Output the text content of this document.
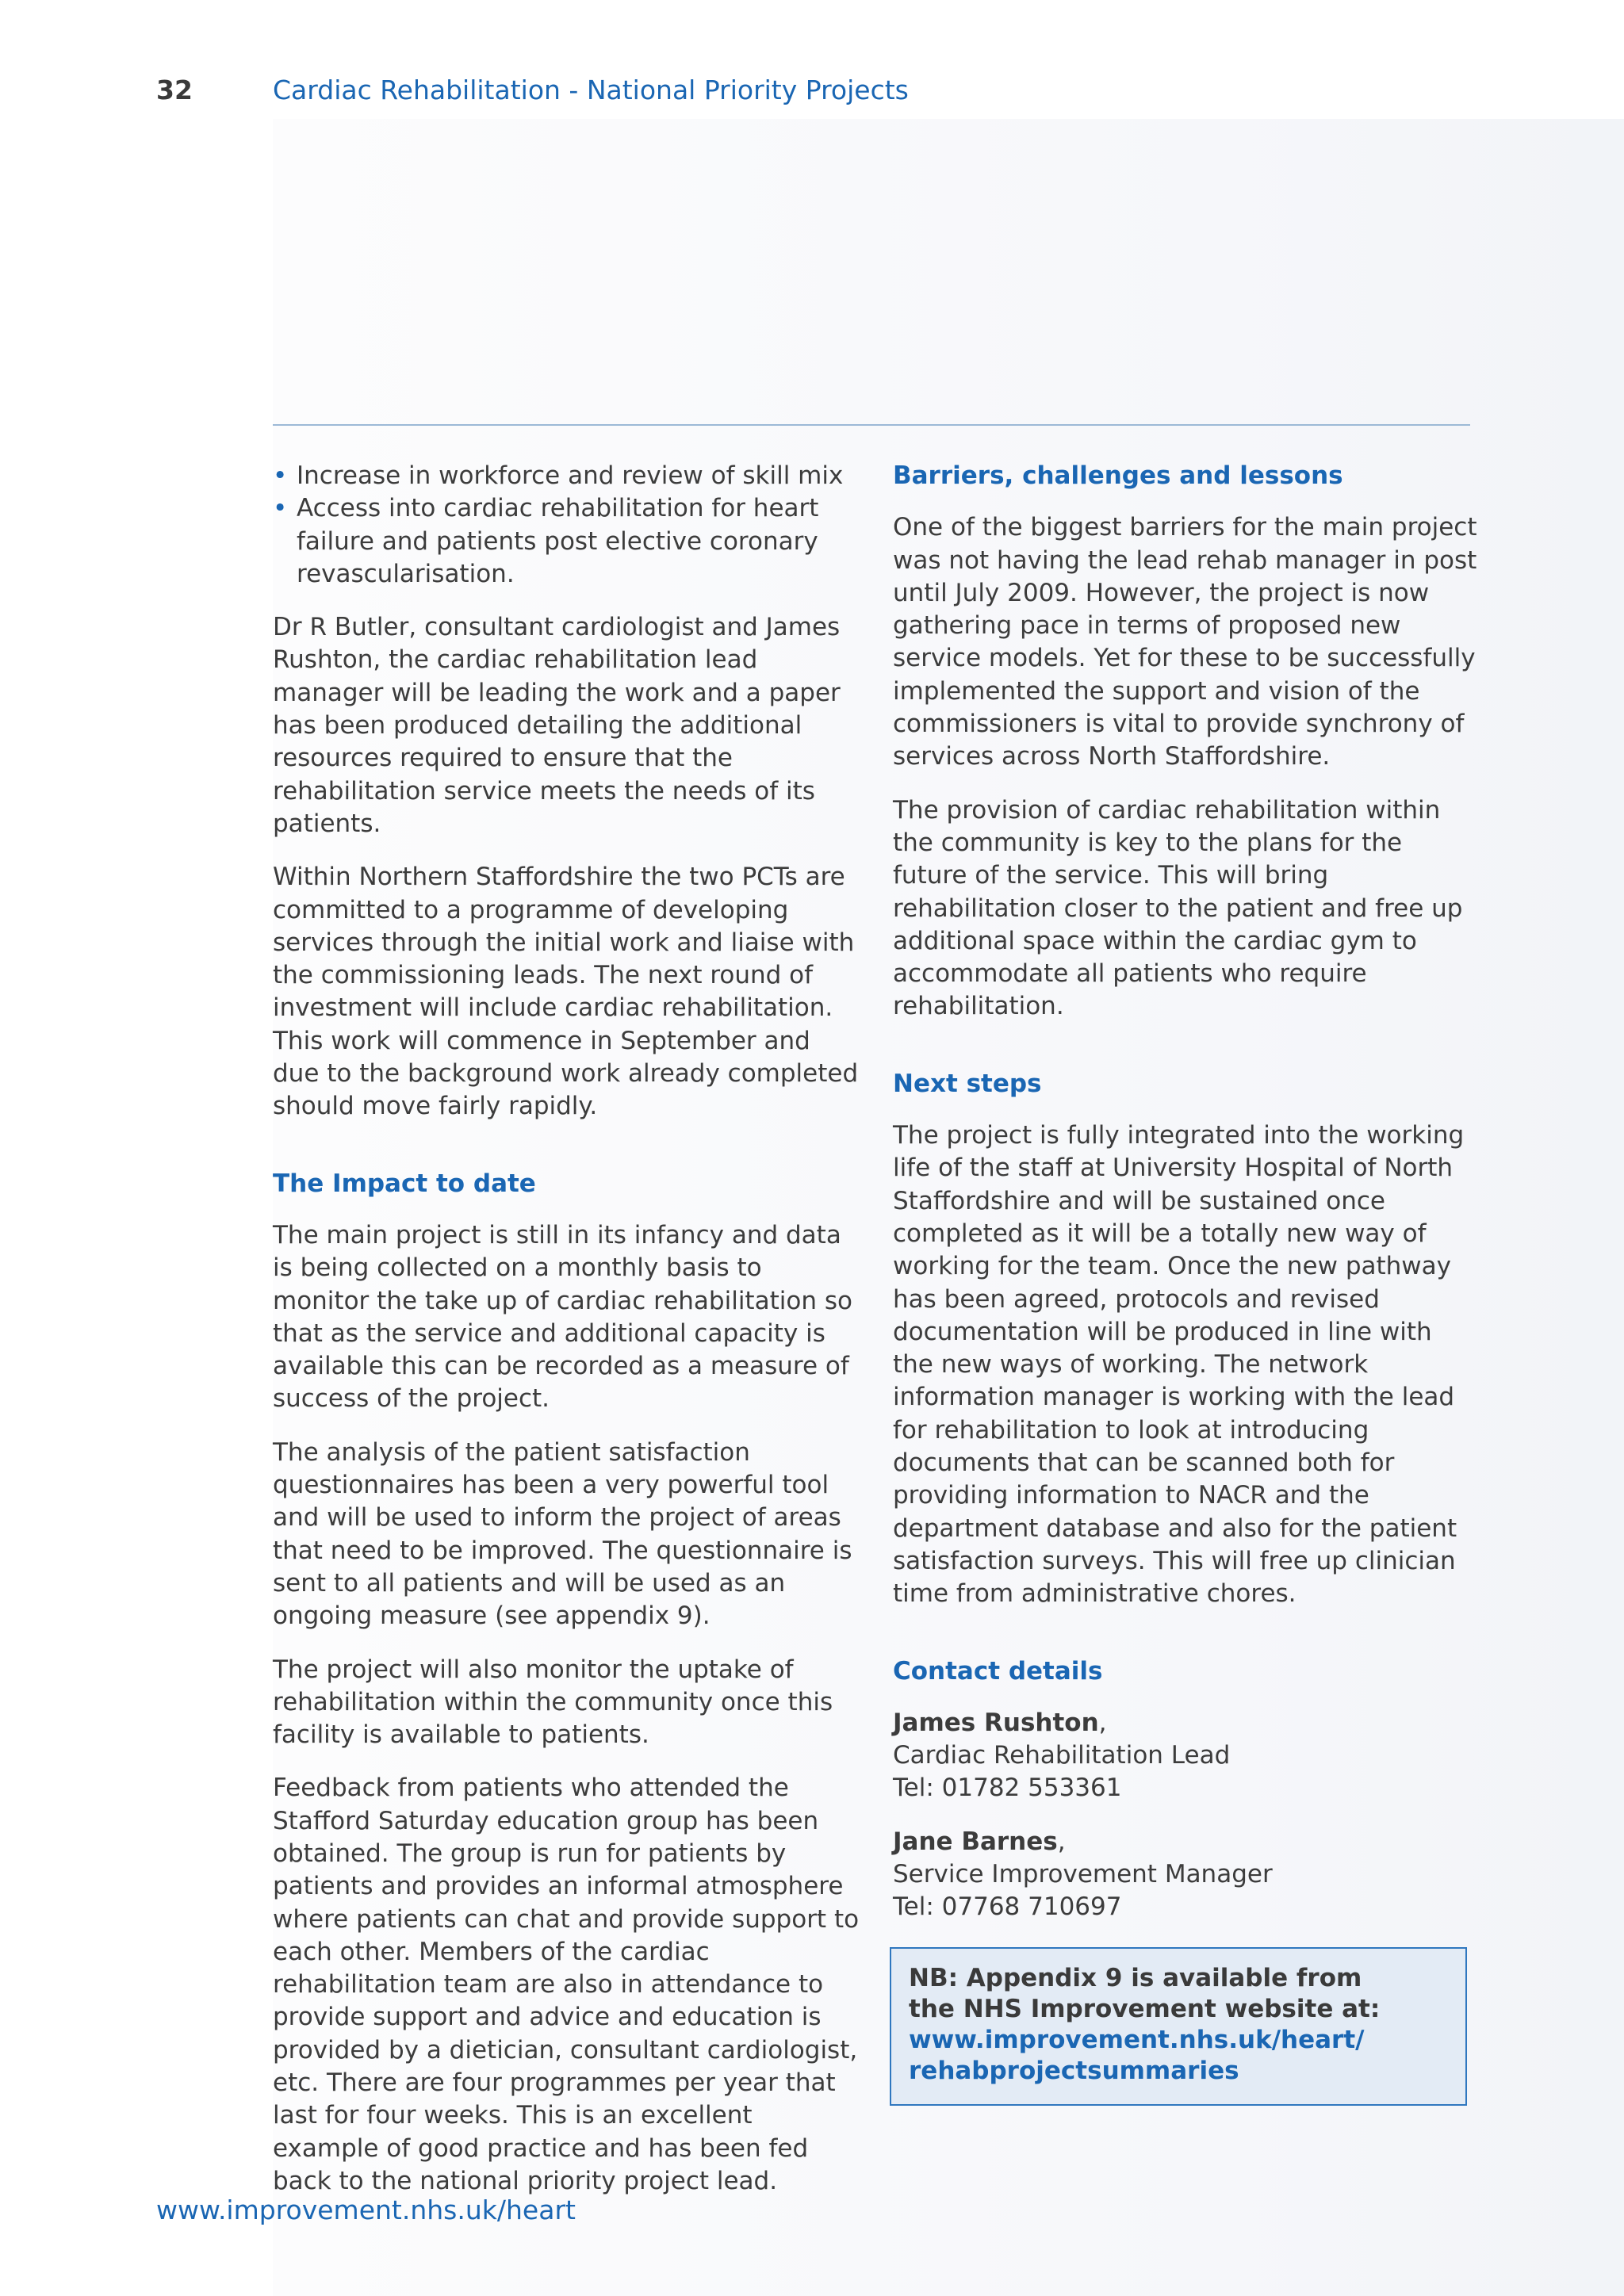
32	Cardiac Rehabilitation - National Priority Projects
• Increase in workforce and review of skill mix
• Access into cardiac rehabilitation for heart failure and patients post elective coronary revascularisation.

Dr R Butler, consultant cardiologist and James Rushton, the cardiac rehabilitation lead manager will be leading the work and a paper has been produced detailing the additional resources required to ensure that the rehabilitation service meets the needs of its patients.

Within Northern Staffordshire the two PCTs are committed to a programme of developing services through the initial work and liaise with the commissioning leads. The next round of investment will include cardiac rehabilitation. This work will commence in September and due to the background work already completed should move fairly rapidly.

The Impact to date

The main project is still in its infancy and data is being collected on a monthly basis to monitor the take up of cardiac rehabilitation so that as the service and additional capacity is available this can be recorded as a measure of success of the project.

The analysis of the patient satisfaction questionnaires has been a very powerful tool and will be used to inform the project of areas that need to be improved. The questionnaire is sent to all patients and will be used as an ongoing measure (see appendix 9).

The project will also monitor the uptake of rehabilitation within the community once this facility is available to patients.

Feedback from patients who attended the Stafford Saturday education group has been obtained. The group is run for patients by patients and provides an informal atmosphere where patients can chat and provide support to each other. Members of the cardiac rehabilitation team are also in attendance to provide support and advice and education is provided by a dietician, consultant cardiologist, etc. There are four programmes per year that last for four weeks. This is an excellent example of good practice and has been fed back to the national priority project lead.

Barriers, challenges and lessons

One of the biggest barriers for the main project was not having the lead rehab manager in post until July 2009. However, the project is now gathering pace in terms of proposed new service models. Yet for these to be successfully implemented the support and vision of the commissioners is vital to provide synchrony of services across North Staffordshire.

The provision of cardiac rehabilitation within the community is key to the plans for the future of the service. This will bring rehabilitation closer to the patient and free up additional space within the cardiac gym to accommodate all patients who require rehabilitation.

Next steps

The project is fully integrated into the working life of the staff at University Hospital of North Staffordshire and will be sustained once completed as it will be a totally new way of working for the team. Once the new pathway has been agreed, protocols and revised documentation will be produced in line with the new ways of working. The network information manager is working with the lead for rehabilitation to look at introducing documents that can be scanned both for providing information to NACR and the department database and also for the patient satisfaction surveys. This will free up clinician time from administrative chores.

Contact details
James Rushton,
Cardiac Rehabilitation Lead
Tel: 01782 553361
Jane Barnes,
Service Improvement Manager
Tel: 07768 710697
NB: Appendix 9 is available from
the NHS Improvement website at:
www.improvement.nhs.uk/heart/
rehabprojectsummaries
www.improvement.nhs.uk/heart
